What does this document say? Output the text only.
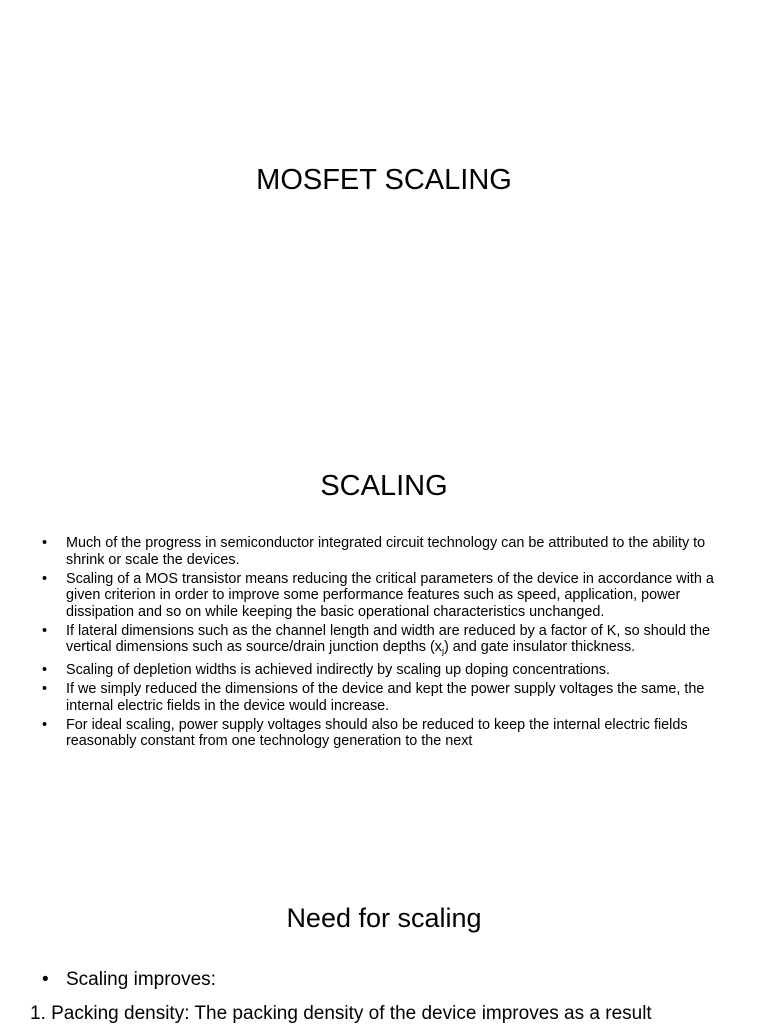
MOSFET SCALING
SCALING
• Much of the progress in semiconductor integrated circuit technology can be attributed to the ability to shrink or scale the devices.
• Scaling of a MOS transistor means reducing the critical parameters of the device in accordance with a given criterion in order to improve some performance features such as speed, application, power dissipation and so on while keeping the basic operational characteristics unchanged.
• If lateral dimensions such as the channel length and width are reduced by a factor of K, so should the vertical dimensions such as source/drain junction depths $(x_j)$ and gate insulator thickness.
• Scaling of depletion widths is achieved indirectly by scaling up doping concentrations.
• If we simply reduced the dimensions of the device and kept the power supply voltages the same, the internal electric fields in the device would increase.
• For ideal scaling, power supply voltages should also be reduced to keep the internal electric fields reasonably constant from one technology generation to the next
Need for scaling
• Scaling improves:
1. Packing density: The packing density of the device improves as a result
